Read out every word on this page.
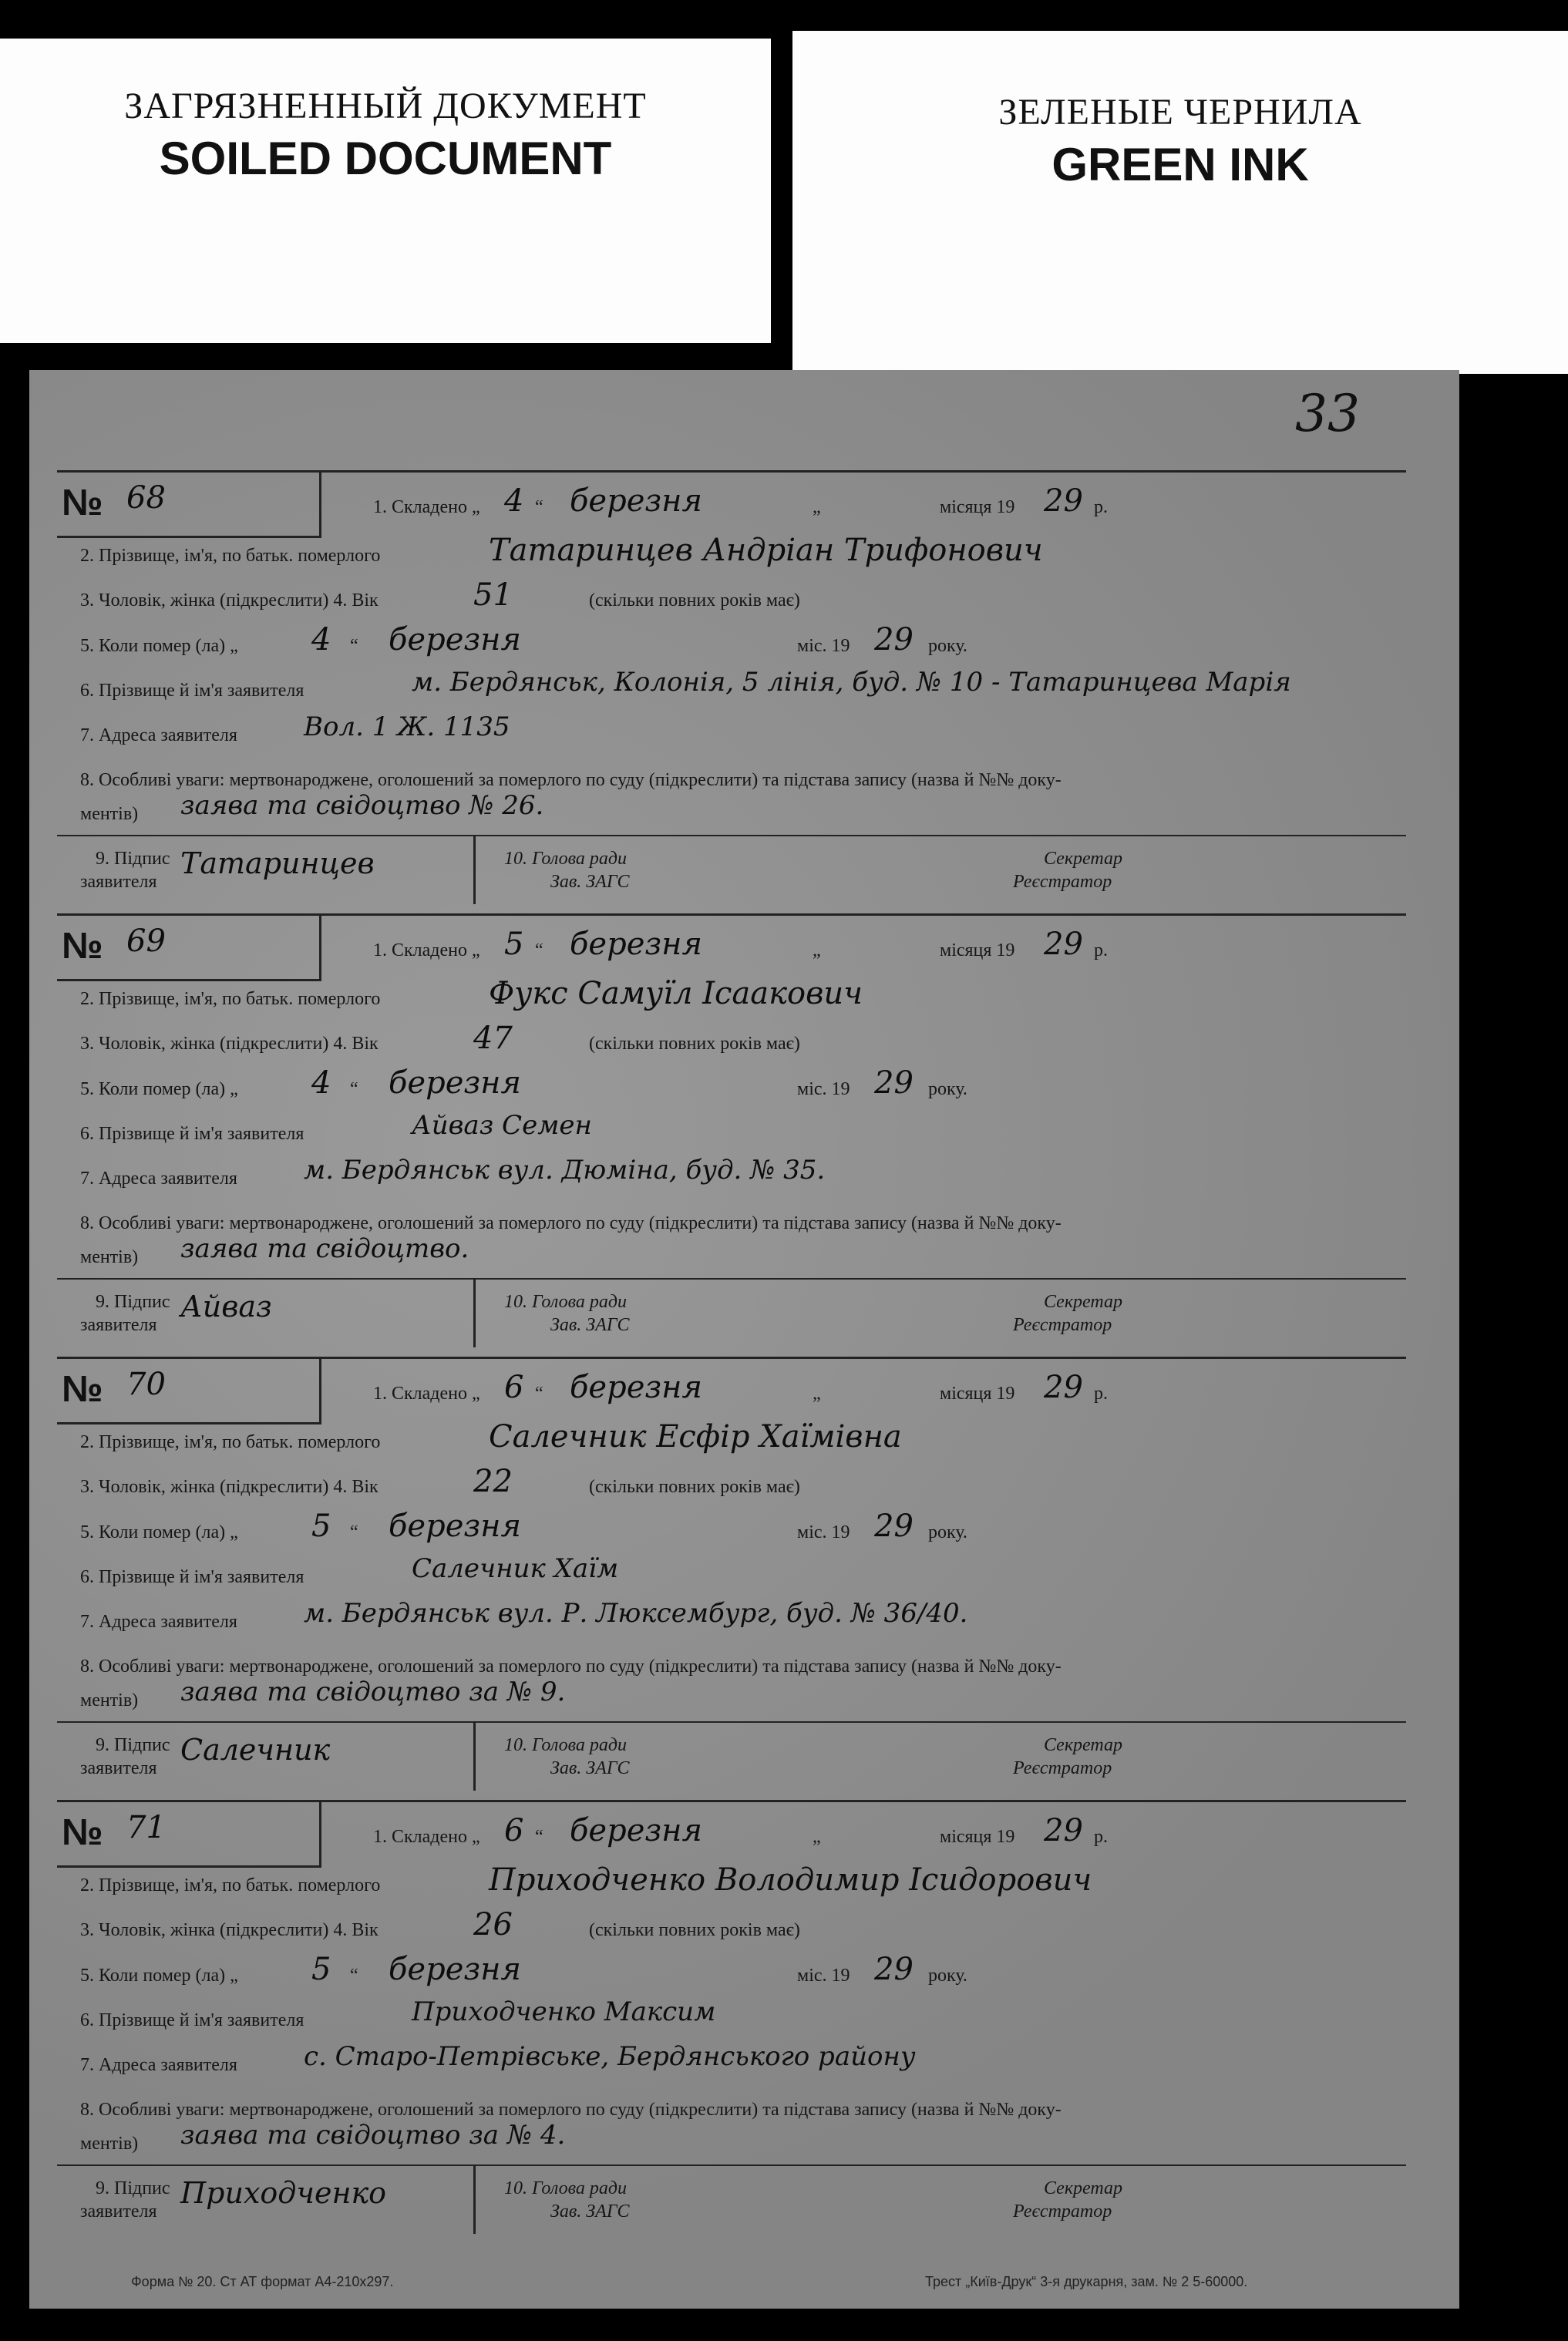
ЗАГРЯЗНЕННЫЙ ДОКУМЕНТ
SOILED DOCUMENT
ЗЕЛЕНЫЕ ЧЕРНИЛА
GREEN INK
33
№ 68	1. Складено „ 4 “ березня	„	місяця 19 29 р.
2. Прізвище, ім'я, по батьк. померлого	Татаринцев Андріан Трифонович
3. Чоловік, жінка (підкреслити) 4. Вік	51	(скільки повних років має)
5. Коли помер (ла) „ 4 “ березня	міс. 19 29 року.
6. Прізвище й ім'я заявителя	м. Бердянськ, Колонія, 5 лінія, буд. № 10 - Татаринцева Марія
7. Адреса заявителя	Вол. 1 Ж. 1135
8. Особливі уваги: мертвонароджене, оголошений за померлого по суду (підкреслити) та підстава запису (назва й №№ доку-
ментів) заява та свідоцтво № 26.
9. Підпис
заявителя
Татаринцев	10. Голова ради
Зав. ЗАГС
Секретар
Реєстратор
№ 69	1. Складено „ 5 “ березня	„	місяця 19 29 р.
2. Прізвище, ім'я, по батьк. померлого	Фукс Самуїл Ісаакович
3. Чоловік, жінка (підкреслити) 4. Вік	47	(скільки повних років має)
5. Коли помер (ла) „ 4 “ березня	міс. 19 29 року.
6. Прізвище й ім'я заявителя	Айваз Семен
7. Адреса заявителя	м. Бердянськ вул. Дюміна, буд. № 35.
8. Особливі уваги: мертвонароджене, оголошений за померлого по суду (підкреслити) та підстава запису (назва й №№ доку-
ментів) заява та свідоцтво.
9. Підпис
заявителя
Айваз	10. Голова ради
Зав. ЗАГС
Секретар
Реєстратор
№ 70	1. Складено „ 6 “ березня	„	місяця 19 29 р.
2. Прізвище, ім'я, по батьк. померлого	Салечник Есфір Хаїмівна
3. Чоловік, жінка (підкреслити) 4. Вік	22	(скільки повних років має)
5. Коли помер (ла) „ 5 “ березня	міс. 19 29 року.
6. Прізвище й ім'я заявителя	Салечник Хаїм
7. Адреса заявителя	м. Бердянськ вул. Р. Люксембург, буд. № 36/40.
8. Особливі уваги: мертвонароджене, оголошений за померлого по суду (підкреслити) та підстава запису (назва й №№ доку-
ментів) заява та свідоцтво за № 9.
9. Підпис
заявителя
Салечник	10. Голова ради
Зав. ЗАГС
Секретар
Реєстратор
№ 71	1. Складено „ 6 “ березня	„	місяця 19 29 р.
2. Прізвище, ім'я, по батьк. померлого	Приходченко Володимир Ісидорович
3. Чоловік, жінка (підкреслити) 4. Вік	26	(скільки повних років має)
5. Коли помер (ла) „ 5 “ березня	міс. 19 29 року.
6. Прізвище й ім'я заявителя	Приходченко Максим
7. Адреса заявителя	с. Старо-Петрівське, Бердянського району
8. Особливі уваги: мертвонароджене, оголошений за померлого по суду (підкреслити) та підстава запису (назва й №№ доку-
ментів) заява та свідоцтво за № 4.
9. Підпис
заявителя
Приходченко	10. Голова ради
Зав. ЗАГС
Секретар
Реєстратор
Форма № 20. Ст АТ формат А4-210х297.	Трест „Київ-Друк“ 3-я друкарня, зам. № 2 5-60000.
